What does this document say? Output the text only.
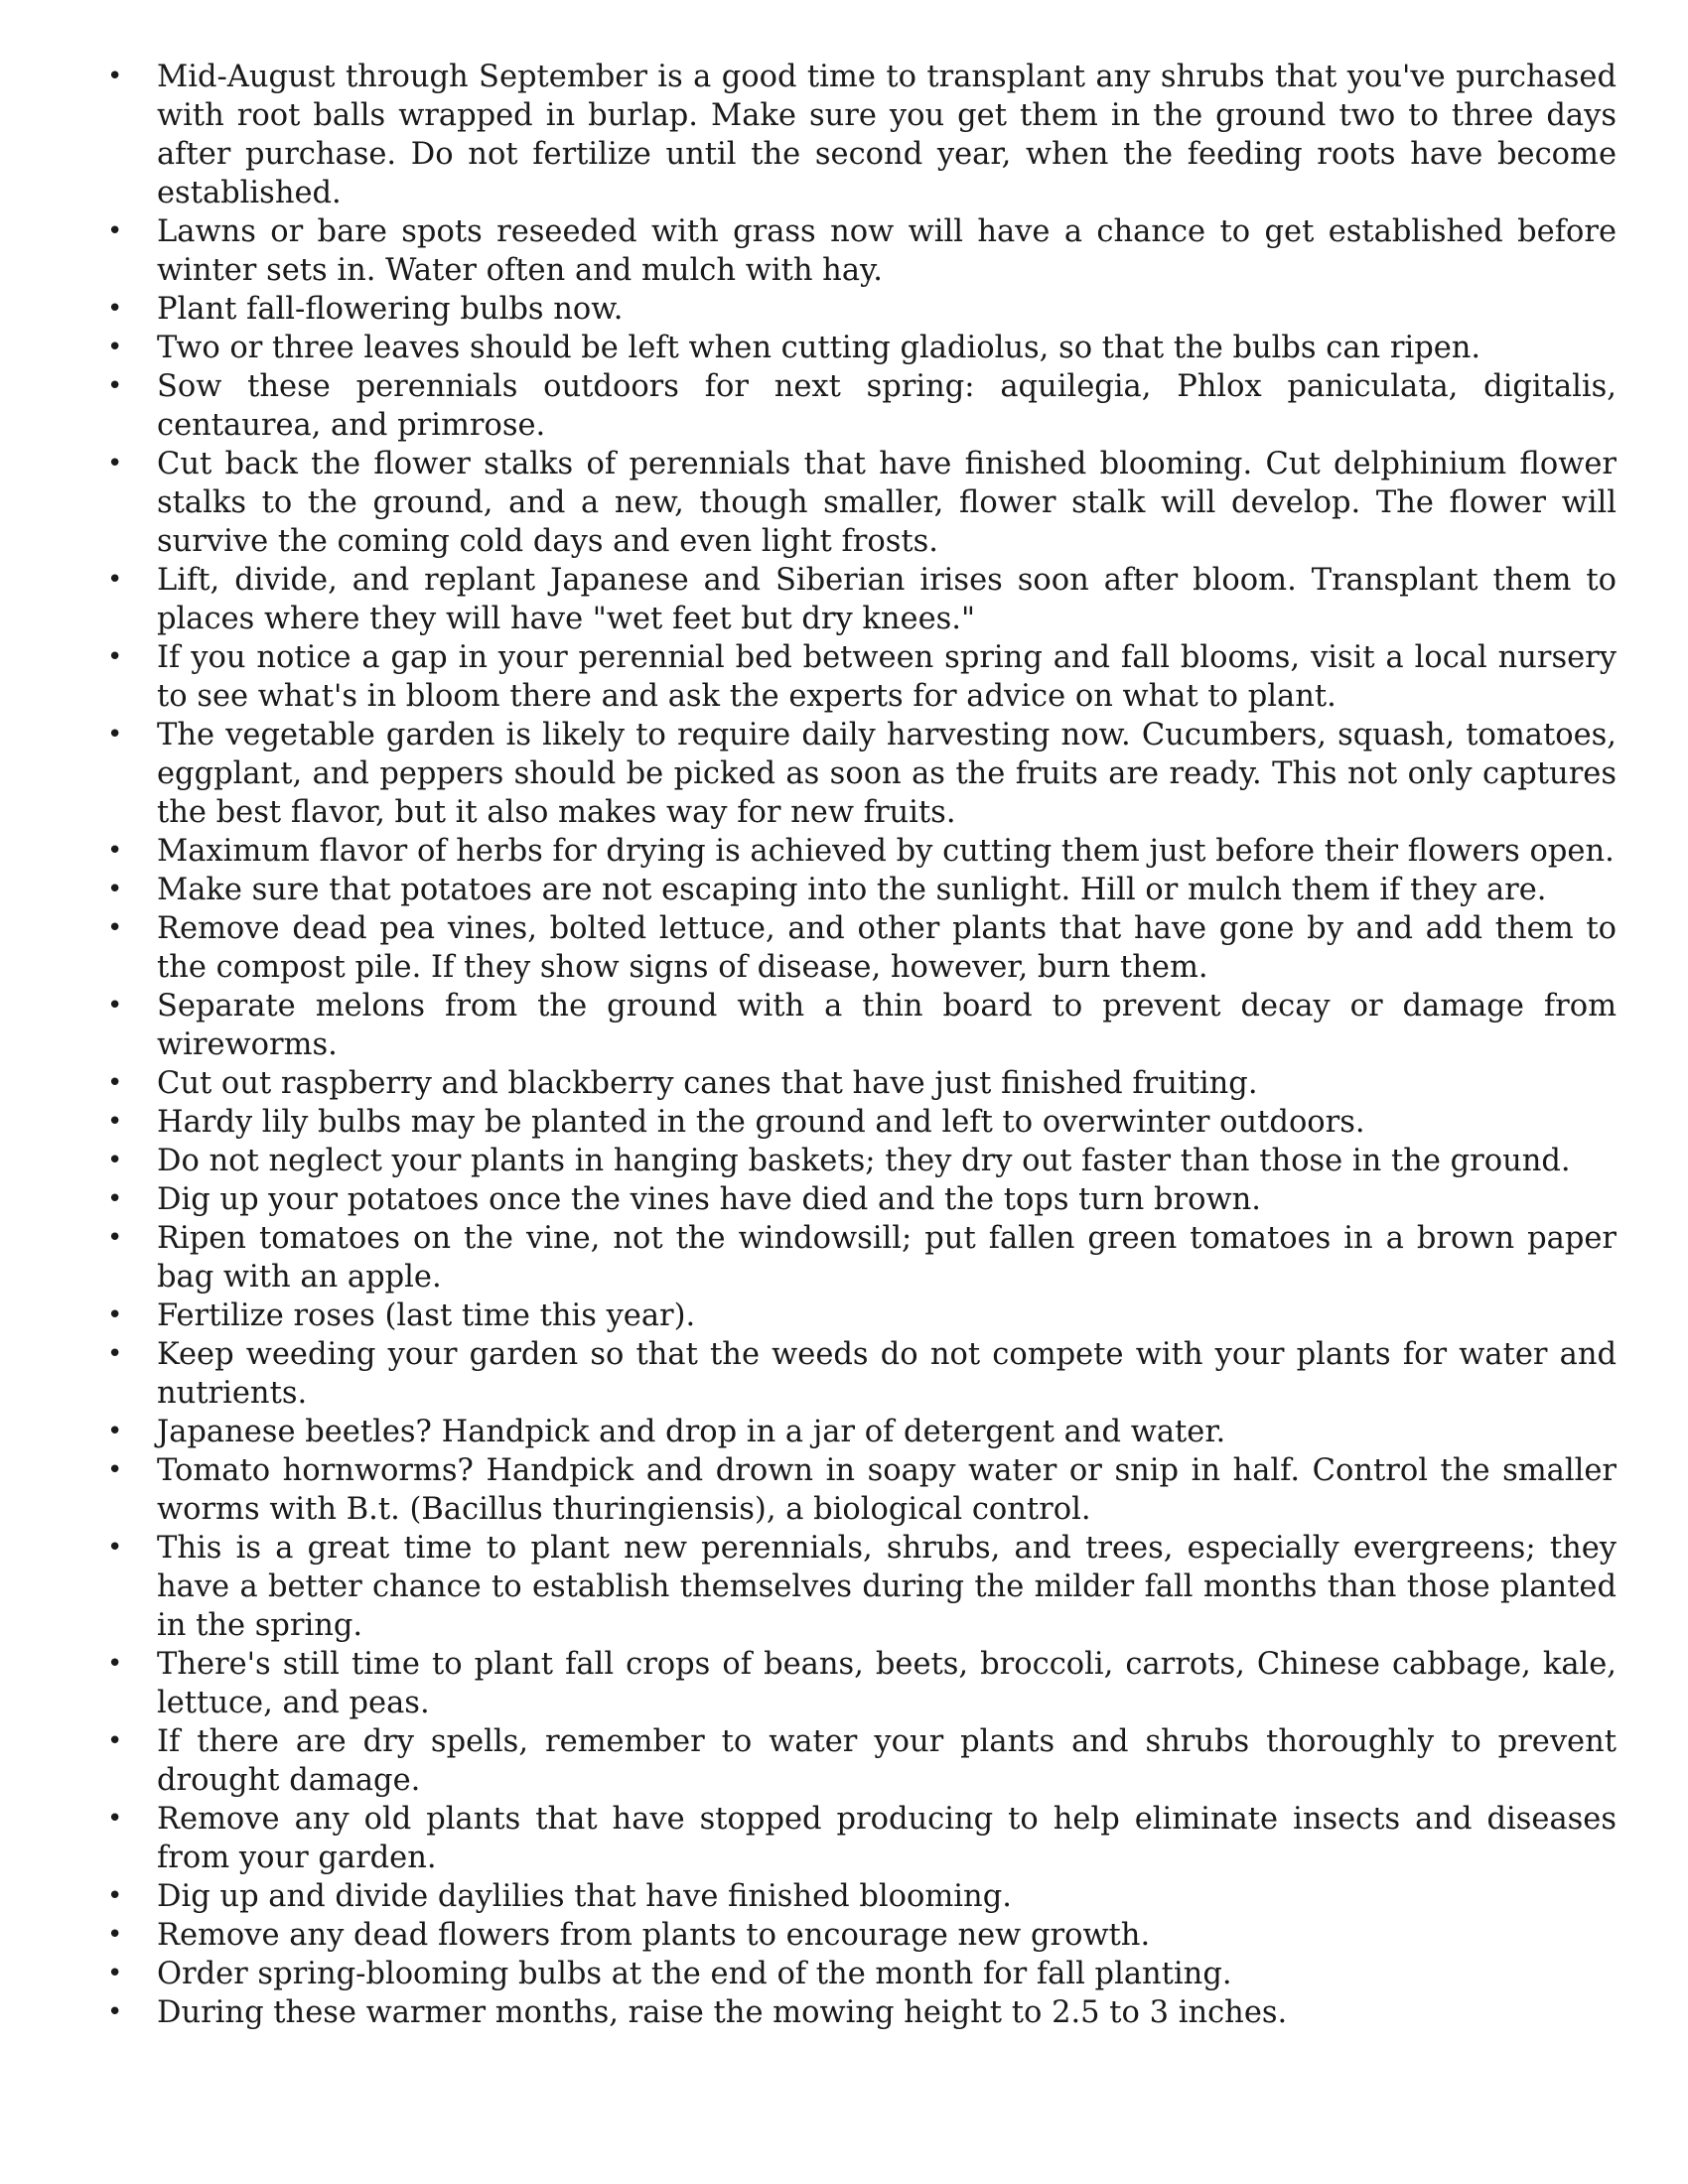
• Mid-August through September is a good time to transplant any shrubs that you've purchased with root balls wrapped in burlap. Make sure you get them in the ground two to three days after purchase. Do not fertilize until the second year, when the feeding roots have become established.
• Lawns or bare spots reseeded with grass now will have a chance to get established before winter sets in. Water often and mulch with hay.
• Plant fall-flowering bulbs now.
• Two or three leaves should be left when cutting gladiolus, so that the bulbs can ripen.
• Sow these perennials outdoors for next spring: aquilegia, Phlox paniculata, digitalis, centaurea, and primrose.
• Cut back the flower stalks of perennials that have finished blooming. Cut delphinium flower stalks to the ground, and a new, though smaller, flower stalk will develop. The flower will survive the coming cold days and even light frosts.
• Lift, divide, and replant Japanese and Siberian irises soon after bloom. Transplant them to places where they will have "wet feet but dry knees."
• If you notice a gap in your perennial bed between spring and fall blooms, visit a local nursery to see what's in bloom there and ask the experts for advice on what to plant.
• The vegetable garden is likely to require daily harvesting now. Cucumbers, squash, tomatoes, eggplant, and peppers should be picked as soon as the fruits are ready. This not only captures the best flavor, but it also makes way for new fruits.
• Maximum flavor of herbs for drying is achieved by cutting them just before their flowers open.
• Make sure that potatoes are not escaping into the sunlight. Hill or mulch them if they are.
• Remove dead pea vines, bolted lettuce, and other plants that have gone by and add them to the compost pile. If they show signs of disease, however, burn them.
• Separate melons from the ground with a thin board to prevent decay or damage from wireworms.
• Cut out raspberry and blackberry canes that have just finished fruiting.
• Hardy lily bulbs may be planted in the ground and left to overwinter outdoors.
• Do not neglect your plants in hanging baskets; they dry out faster than those in the ground.
• Dig up your potatoes once the vines have died and the tops turn brown.
• Ripen tomatoes on the vine, not the windowsill; put fallen green tomatoes in a brown paper bag with an apple.
• Fertilize roses (last time this year).
• Keep weeding your garden so that the weeds do not compete with your plants for water and nutrients.
• Japanese beetles? Handpick and drop in a jar of detergent and water.
• Tomato hornworms? Handpick and drown in soapy water or snip in half. Control the smaller worms with B.t. (Bacillus thuringiensis), a biological control.
• This is a great time to plant new perennials, shrubs, and trees, especially evergreens; they have a better chance to establish themselves during the milder fall months than those planted in the spring.
• There's still time to plant fall crops of beans, beets, broccoli, carrots, Chinese cabbage, kale, lettuce, and peas.
• If there are dry spells, remember to water your plants and shrubs thoroughly to prevent drought damage.
• Remove any old plants that have stopped producing to help eliminate insects and diseases from your garden.
• Dig up and divide daylilies that have finished blooming.
• Remove any dead flowers from plants to encourage new growth.
• Order spring-blooming bulbs at the end of the month for fall planting.
• During these warmer months, raise the mowing height to 2.5 to 3 inches.
